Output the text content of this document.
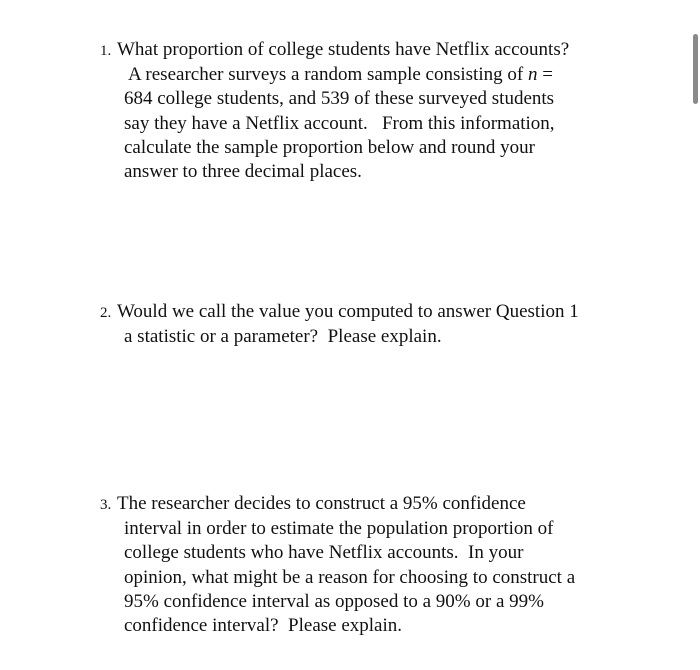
1. What proportion of college students have Netflix accounts?
A researcher surveys a random sample consisting of n =
684 college students, and 539 of these surveyed students
say they have a Netflix account.   From this information,
calculate the sample proportion below and round your
answer to three decimal places.
2. Would we call the value you computed to answer Question 1
a statistic or a parameter?  Please explain.
3. The researcher decides to construct a 95% confidence
interval in order to estimate the population proportion of
college students who have Netflix accounts.  In your
opinion, what might be a reason for choosing to construct a
95% confidence interval as opposed to a 90% or a 99%
confidence interval?  Please explain.
